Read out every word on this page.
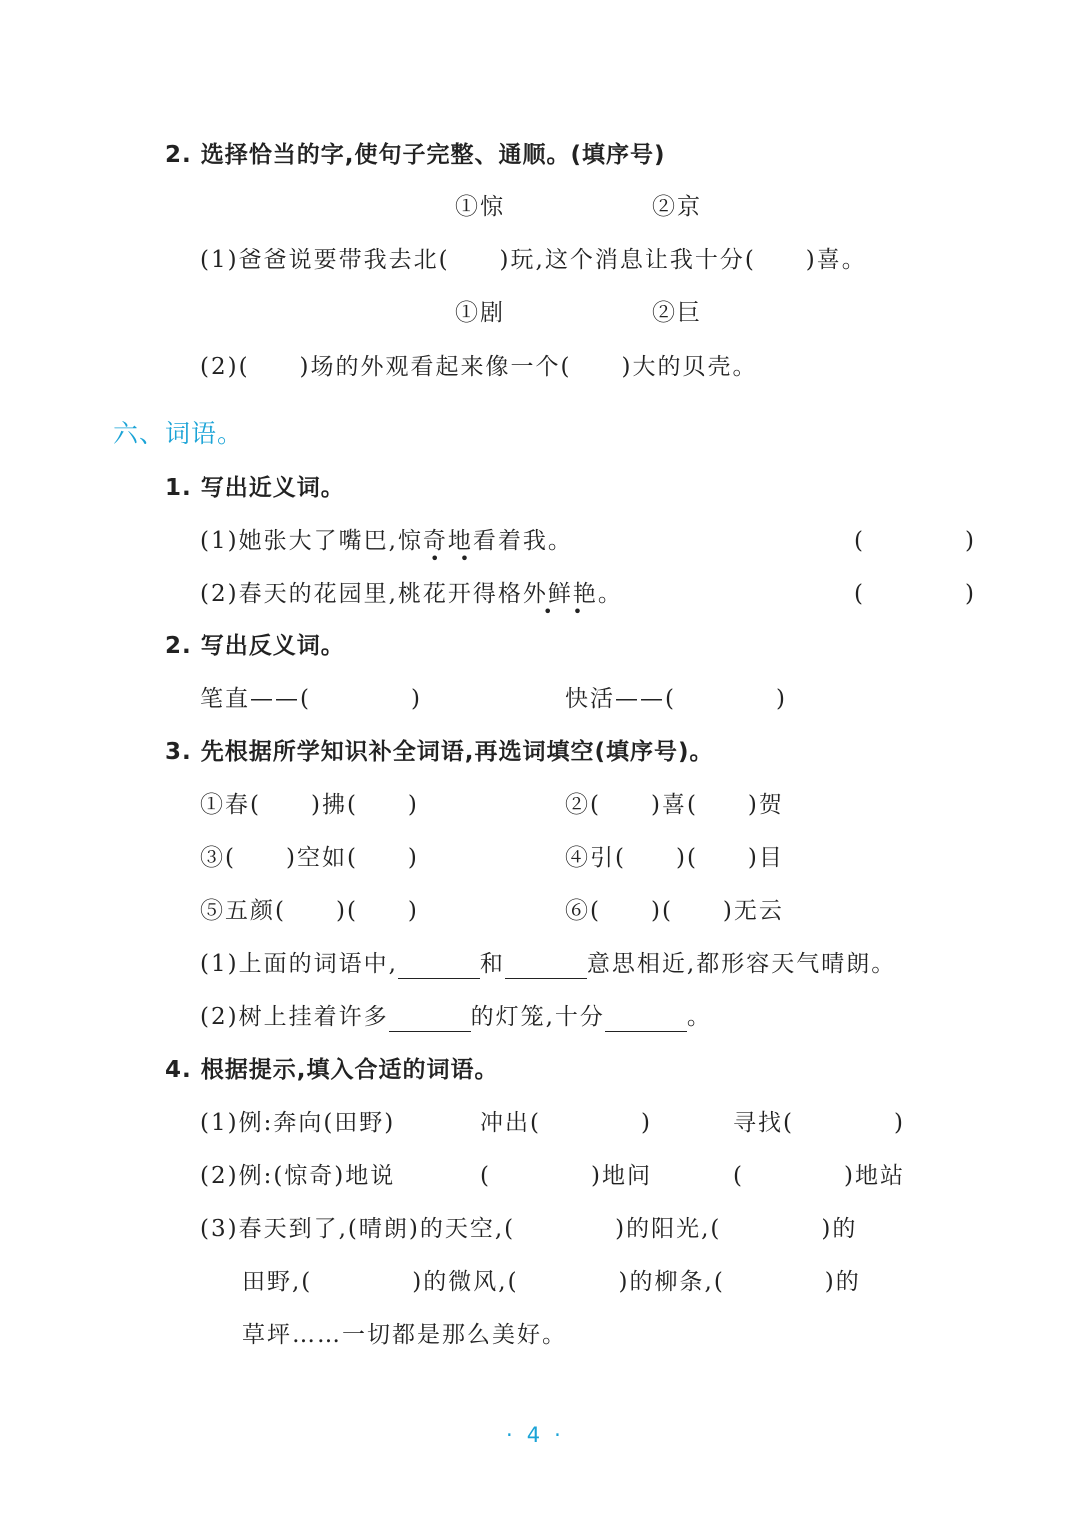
2. 选择恰当的字,使句子完整、通顺。(填序号)
①惊	②京
(1)爸爸说要带我去北(　　)玩,这个消息让我十分(　　)喜。
①剧	②巨
(2)(　　)场的外观看起来像一个(　　)大的贝壳。
六、词语。
1. 写出近义词。
(1)她张大了嘴巴,惊奇地看着我。
•    •
(　　　　)
(2)春天的花园里,桃花开得格外鲜艳。
•    •
(　　　　)
2. 写出反义词。
笔直——(　　　　)	快活——(　　　　)
3. 先根据所学知识补全词语,再选词填空(填序号)。
①春(　　)拂(　　)	②(　　)喜(　　)贺
③(　　)空如(　　)	④引(　　)(　　)目
⑤五颜(　　)(　　)	⑥(　　)(　　)无云
(1)上面的词语中,	和	意思相近,都形容天气晴朗。
(2)树上挂着许多	的灯笼,十分	。
4. 根据提示,填入合适的词语。
(1)例:奔向(田野)	冲出(　　　　)	寻找(　　　　)
(2)例:(惊奇)地说	(　　　　)地问	(　　　　)地站
(3)春天到了,(晴朗)的天空,(　　　　)的阳光,(　　　　)的
田野,(　　　　)的微风,(　　　　)的柳条,(　　　　)的
草坪……一切都是那么美好。
·4·
